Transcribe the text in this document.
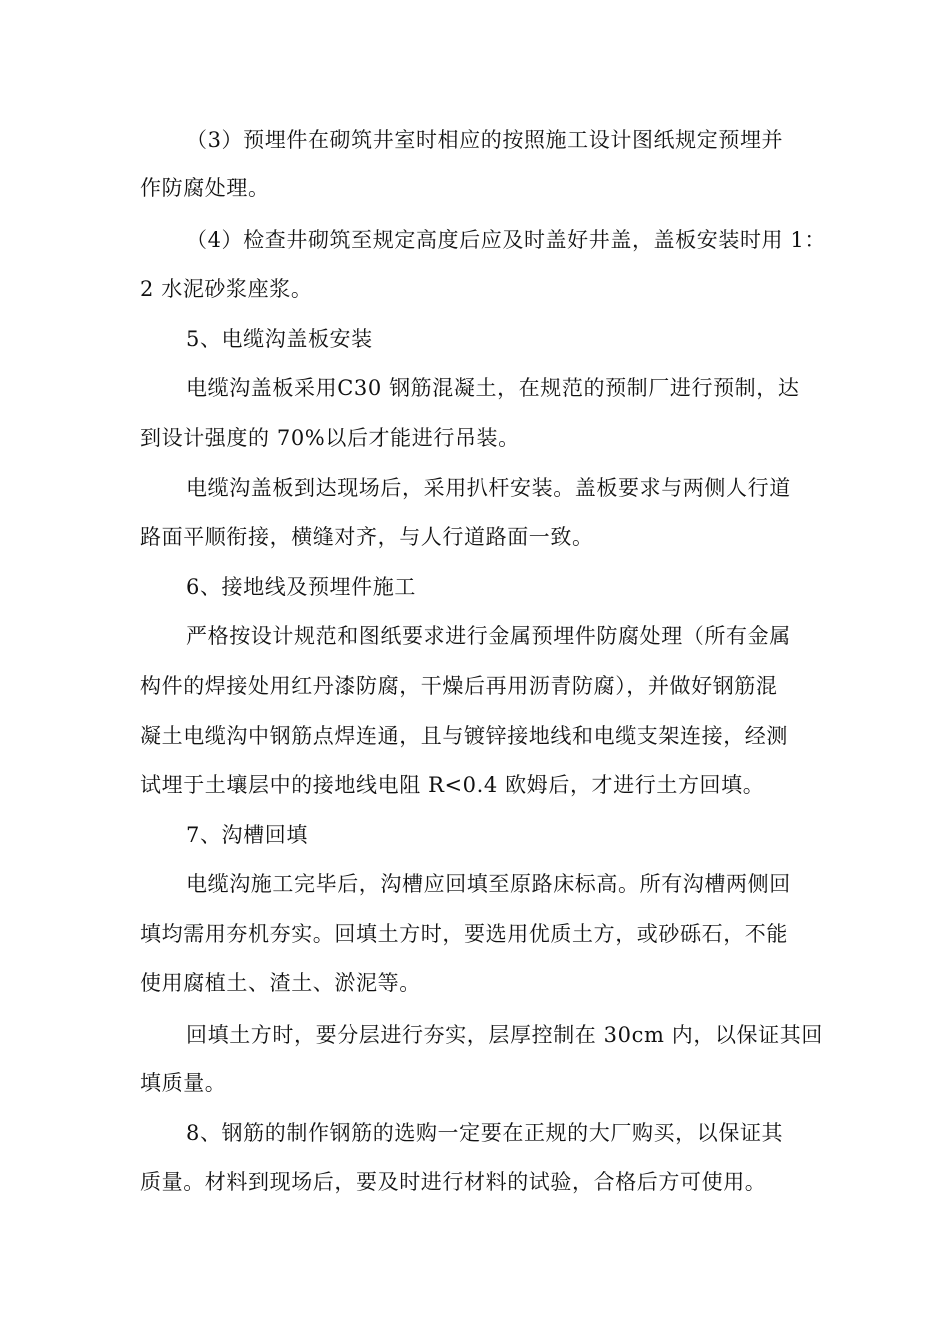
（3）预埋件在砌筑井室时相应的按照施工设计图纸规定预埋并
作防腐处理。
（4）检查井砌筑至规定高度后应及时盖好井盖，盖板安装时用 1：
2 水泥砂浆座浆。
5、电缆沟盖板安装
电缆沟盖板采用C30 钢筋混凝土，在规范的预制厂进行预制，达
到设计强度的 70%以后才能进行吊装。
电缆沟盖板到达现场后，采用扒杆安装。盖板要求与两侧人行道
路面平顺衔接，横缝对齐，与人行道路面一致。
6、接地线及预埋件施工
严格按设计规范和图纸要求进行金属预埋件防腐处理（所有金属
构件的焊接处用红丹漆防腐，干燥后再用沥青防腐），并做好钢筋混
凝土电缆沟中钢筋点焊连通，且与镀锌接地线和电缆支架连接，经测
试埋于土壤层中的接地线电阻 R<0.4 欧姆后，才进行土方回填。
7、沟槽回填
电缆沟施工完毕后，沟槽应回填至原路床标高。所有沟槽两侧回
填均需用夯机夯实。回填土方时，要选用优质土方，或砂砾石，不能
使用腐植土、渣土、淤泥等。
回填土方时，要分层进行夯实，层厚控制在 30cm 内，以保证其回
填质量。
8、钢筋的制作钢筋的选购一定要在正规的大厂购买，以保证其
质量。材料到现场后，要及时进行材料的试验，合格后方可使用。
